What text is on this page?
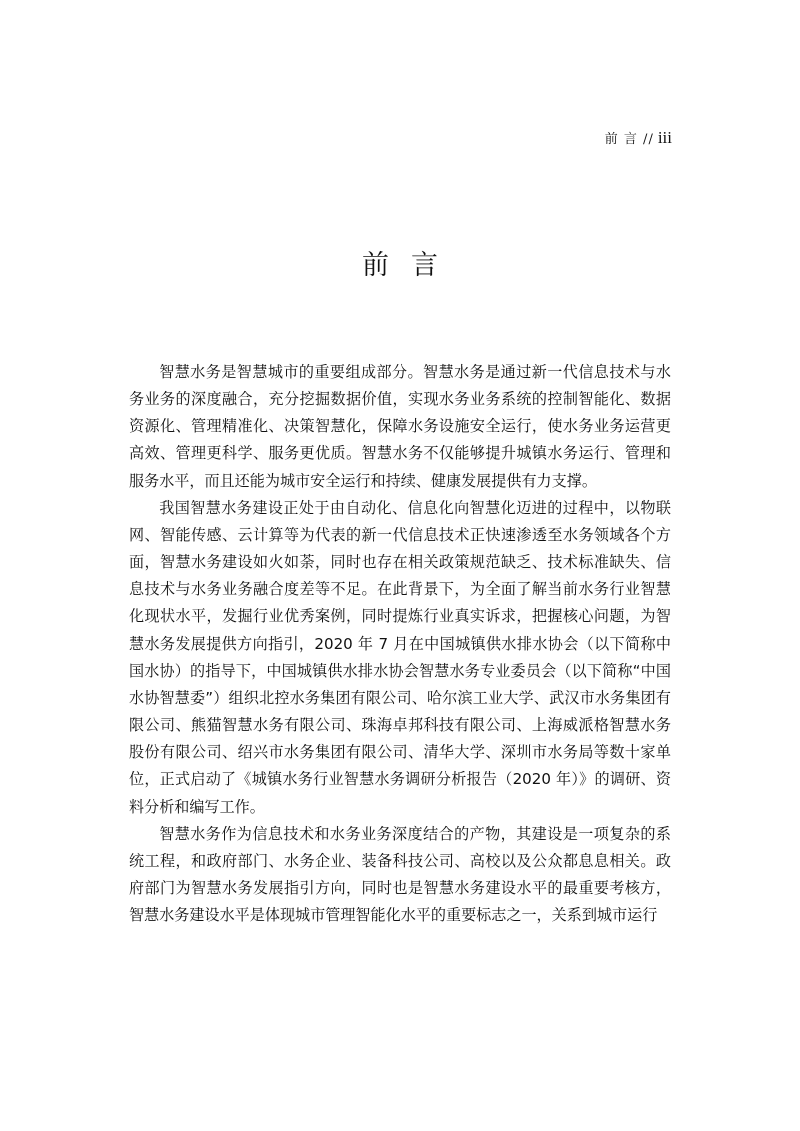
前 言 // iii
前言

智慧水务是智慧城市的重要组成部分。智慧水务是通过新一代信息技术与水务业务的深度融合，充分挖掘数据价值，实现水务业务系统的控制智能化、数据资源化、管理精准化、决策智慧化，保障水务设施安全运行，使水务业务运营更高效、管理更科学、服务更优质。智慧水务不仅能够提升城镇水务运行、管理和服务水平，而且还能为城市安全运行和持续、健康发展提供有力支撑。

我国智慧水务建设正处于由自动化、信息化向智慧化迈进的过程中，以物联网、智能传感、云计算等为代表的新一代信息技术正快速渗透至水务领域各个方面，智慧水务建设如火如荼，同时也存在相关政策规范缺乏、技术标准缺失、信息技术与水务业务融合度差等不足。在此背景下，为全面了解当前水务行业智慧化现状水平，发掘行业优秀案例，同时提炼行业真实诉求，把握核心问题，为智慧水务发展提供方向指引，2020 年 7 月在中国城镇供水排水协会（以下简称中国水协）的指导下，中国城镇供水排水协会智慧水务专业委员会（以下简称“中国水协智慧委”）组织北控水务集团有限公司、哈尔滨工业大学、武汉市水务集团有限公司、熊猫智慧水务有限公司、珠海卓邦科技有限公司、上海威派格智慧水务股份有限公司、绍兴市水务集团有限公司、清华大学、深圳市水务局等数十家单位，正式启动了《城镇水务行业智慧水务调研分析报告（2020 年）》的调研、资料分析和编写工作。

智慧水务作为信息技术和水务业务深度结合的产物，其建设是一项复杂的系统工程，和政府部门、水务企业、装备科技公司、高校以及公众都息息相关。政府部门为智慧水务发展指引方向，同时也是智慧水务建设水平的最重要考核方，智慧水务建设水平是体现城市管理智能化水平的重要标志之一，关系到城市运行
